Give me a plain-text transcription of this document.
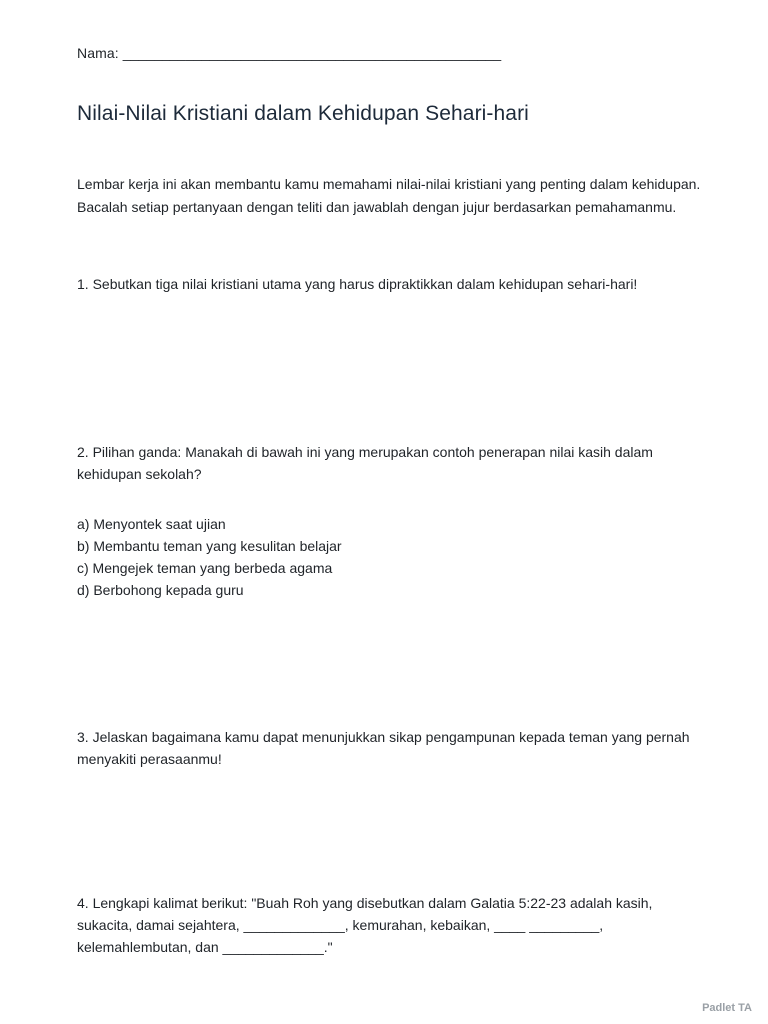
Nama: ________________________________________________
Nilai-Nilai Kristiani dalam Kehidupan Sehari-hari

Lembar kerja ini akan membantu kamu memahami nilai-nilai kristiani yang penting dalam kehidupan. Bacalah setiap pertanyaan dengan teliti dan jawablah dengan jujur berdasarkan pemahamanmu.

1. Sebutkan tiga nilai kristiani utama yang harus dipraktikkan dalam kehidupan sehari-hari!

2. Pilihan ganda: Manakah di bawah ini yang merupakan contoh penerapan nilai kasih dalam kehidupan sekolah?

a) Menyontek saat ujian
b) Membantu teman yang kesulitan belajar
c) Mengejek teman yang berbeda agama
d) Berbohong kepada guru

3. Jelaskan bagaimana kamu dapat menunjukkan sikap pengampunan kepada teman yang pernah menyakiti perasaanmu!

4. Lengkapi kalimat berikut: "Buah Roh yang disebutkan dalam Galatia 5:22-23 adalah kasih, sukacita, damai sejahtera, _____________, kemurahan, kebaikan, ____ _________, kelemahlembutan, dan _____________."

Padlet TA
